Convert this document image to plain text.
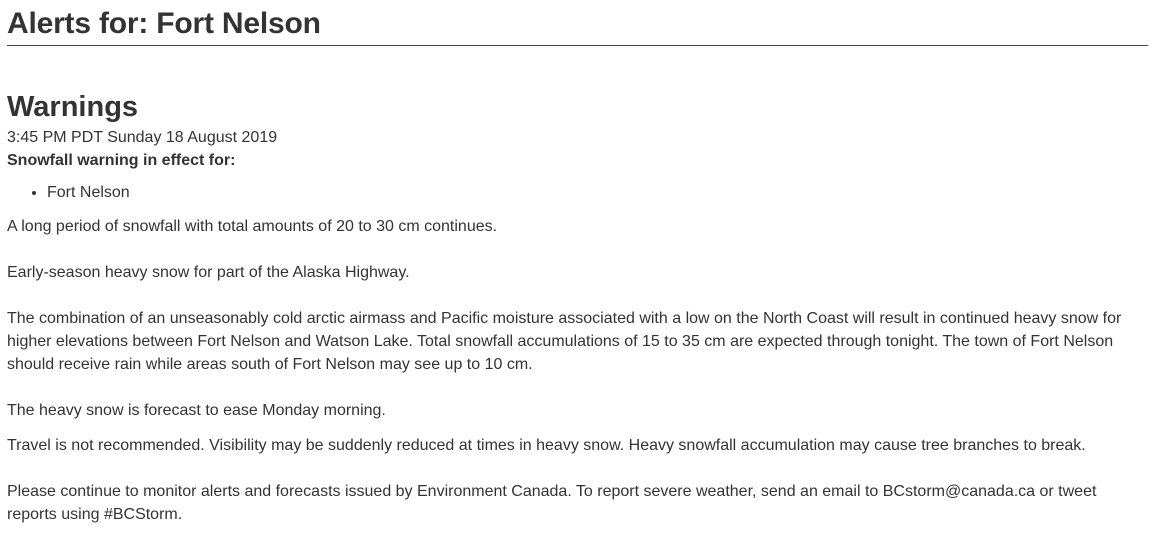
Alerts for: Fort Nelson
Warnings
3:45 PM PDT Sunday 18 August 2019
Snowfall warning in effect for:
• Fort Nelson

A long period of snowfall with total amounts of 20 to 30 cm continues.

Early-season heavy snow for part of the Alaska Highway.

The combination of an unseasonably cold arctic airmass and Pacific moisture associated with a low on the North Coast will result in continued heavy snow for higher elevations between Fort Nelson and Watson Lake. Total snowfall accumulations of 15 to 35 cm are expected through tonight. The town of Fort Nelson should receive rain while areas south of Fort Nelson may see up to 10 cm.

The heavy snow is forecast to ease Monday morning.

Travel is not recommended. Visibility may be suddenly reduced at times in heavy snow. Heavy snowfall accumulation may cause tree branches to break.

Please continue to monitor alerts and forecasts issued by Environment Canada. To report severe weather, send an email to BCstorm@canada.ca or tweet reports using #BCStorm.
